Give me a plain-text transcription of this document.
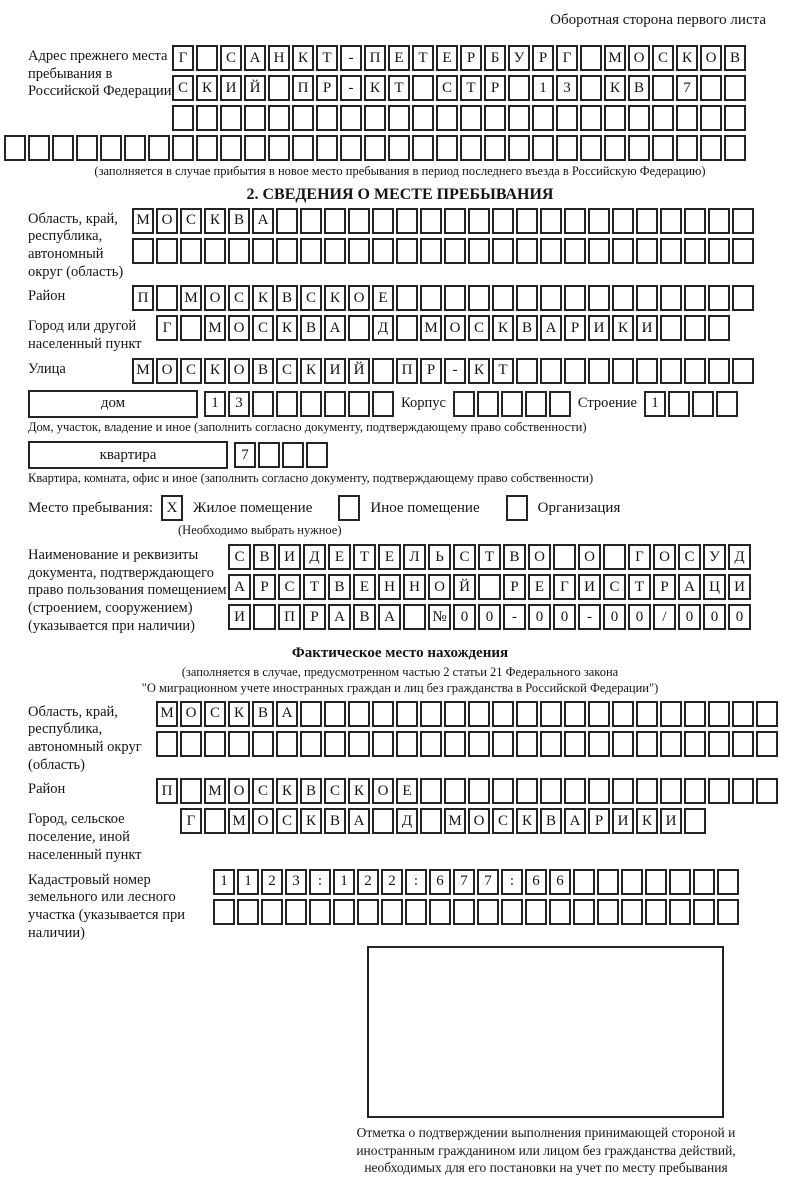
Оборотная сторона первого листа
Адрес прежнего места пребывания в Российской Федерации
Г	С А Н К Т	-	П Е Т Е	Р	Б У Р	Г	М О С К О В
С К И Й	П Р	-	К Т	С Т	Р	1	3	К В	7
(заполняется в случае прибытия в новое место пребывания в период последнего въезда в Российскую Федерацию)
2. СВЕДЕНИЯ О МЕСТЕ ПРЕБЫВАНИЯ
Область, край, республика, автономный округ (область)
М О С К В А
Район	П	М О С К В С К О Е
Город или другой населенный пункт
Г	М О С К В А	Д	М О С К В А Р И К И
Улица	М О С К О В С К И Й	П Р	-	К Т
дом	1	3	Корпус	Строение 1
Дом, участок, владение и иное (заполнить согласно документу, подтверждающему право собственности)
квартира	7
Квартира, комната, офис и иное (заполнить согласно документу, подтверждающему право собственности)
Место пребывания: X	Жилое помещение	Иное помещение	Организация
(Необходимо выбрать нужное)
Наименование и реквизиты документа, подтверждающего право пользования помещением (строением, сооружением) (указывается при наличии)
С В И Д	Е	Т	Е	Л	Ь	С	Т	В О	О	Г	О С У Д
А	Р	С	Т	В	Е	Н Н О Й	Р	Е	Г	И С	Т	Р	А Ц И
И	П	Р	А В А	№ 0	0	-	0	0	-	0	0	/	0	0	0
Фактическое место нахождения
(заполняется в случае, предусмотренном частью 2 статьи 21 Федерального закона
"О миграционном учете иностранных граждан и лиц без гражданства в Российской Федерации")
Область, край, республика, автономный округ (область)
М О С К В А
Район	П	М О С К В С К О Е
Город, сельское поселение, иной населенный пункт
Г	М О С К В А	Д	М О С К В А Р И К И
Кадастровый номер земельного или лесного участка (указывается при наличии)
1	1	2	3	:	1	2	2	:	6	7	7	:	6	6
Отметка о подтверждении выполнения принимающей стороной и иностранным гражданином или лицом без гражданства действий, необходимых для его постановки на учет по месту пребывания
